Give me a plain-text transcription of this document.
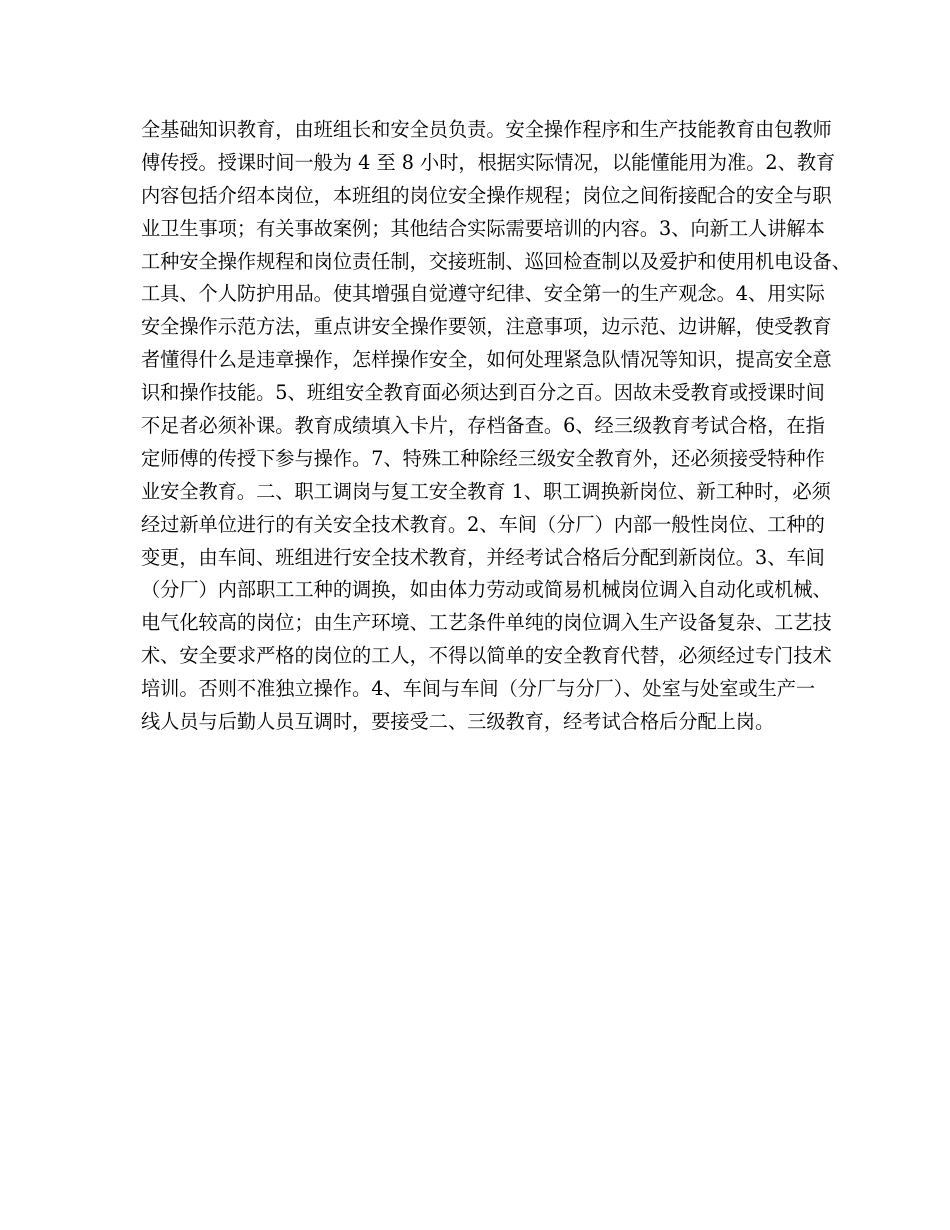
全基础知识教育，由班组长和安全员负责。安全操作程序和生产技能教育由包教师
傅传授。授课时间一般为 4 至 8 小时，根据实际情况，以能懂能用为准。2、教育
内容包括介绍本岗位，本班组的岗位安全操作规程；岗位之间衔接配合的安全与职
业卫生事项；有关事故案例；其他结合实际需要培训的内容。3、向新工人讲解本
工种安全操作规程和岗位责任制，交接班制、巡回检查制以及爱护和使用机电设备、
工具、个人防护用品。使其增强自觉遵守纪律、安全第一的生产观念。4、用实际
安全操作示范方法，重点讲安全操作要领，注意事项，边示范、边讲解，使受教育
者懂得什么是违章操作，怎样操作安全，如何处理紧急队情况等知识，提高安全意
识和操作技能。5、班组安全教育面必须达到百分之百。因故未受教育或授课时间
不足者必须补课。教育成绩填入卡片，存档备查。6、经三级教育考试合格，在指
定师傅的传授下参与操作。7、特殊工种除经三级安全教育外，还必须接受特种作
业安全教育。二、职工调岗与复工安全教育 1、职工调换新岗位、新工种时，必须
经过新单位进行的有关安全技术教育。2、车间（分厂）内部一般性岗位、工种的
变更，由车间、班组进行安全技术教育，并经考试合格后分配到新岗位。3、车间
（分厂）内部职工工种的调换，如由体力劳动或简易机械岗位调入自动化或机械、
电气化较高的岗位；由生产环境、工艺条件单纯的岗位调入生产设备复杂、工艺技
术、安全要求严格的岗位的工人，不得以简单的安全教育代替，必须经过专门技术
培训。否则不准独立操作。4、车间与车间（分厂与分厂）、处室与处室或生产一
线人员与后勤人员互调时，要接受二、三级教育，经考试合格后分配上岗。
